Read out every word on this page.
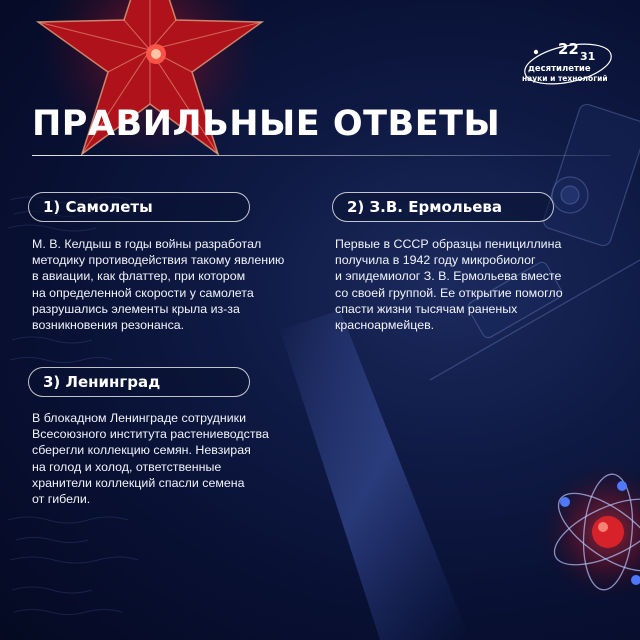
22 31
десятилетие
науки и технологий
ПРАВИЛЬНЫЕ ОТВЕТЫ
1) Самолеты
М. В. Келдыш в годы войны разработал
методику противодействия такому явлению
в авиации, как флаттер, при котором
на определенной скорости у самолета
разрушались элементы крыла из-за
возникновения резонанса.
2) З.В. Ермольева
Первые в СССР образцы пенициллина
получила в 1942 году микробиолог
и эпидемиолог З. В. Ермольева вместе
со своей группой. Ее открытие помогло
спасти жизни тысячам раненых
красноармейцев.
3) Ленинград
В блокадном Ленинграде сотрудники
Всесоюзного института растениеводства
сберегли коллекцию семян. Невзирая
на голод и холод, ответственные
хранители коллекций спасли семена
от гибели.
